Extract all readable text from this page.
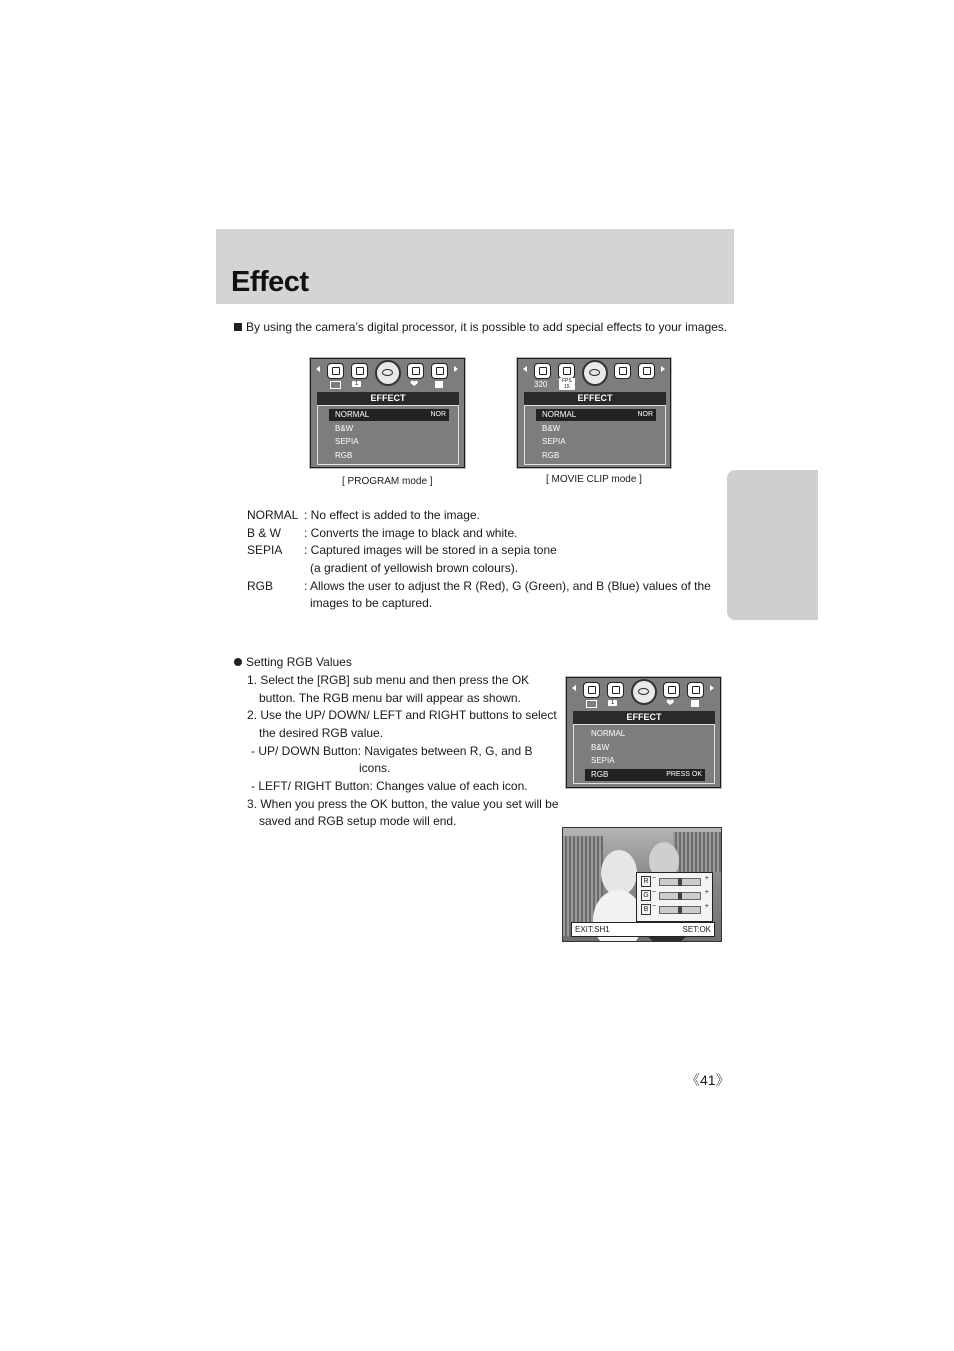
Effect
By using the camera’s digital processor, it is possible to add special effects to your images.
1	❤
EFFECT
NORMAL	NOR
B&W
SEPIA
RGB
[ PROGRAM mode ]
320	FPS
15
EFFECT
NORMAL	NOR
B&W
SEPIA
RGB
[ MOVIE CLIP mode ]
NORMAL : No effect is added to the image.
B & W : Converts the image to black and white.
SEPIA : Captured images will be stored in a sepia tone
(a gradient of yellowish brown colours).
RGB	: Allows the user to adjust the R (Red), G (Green), and B (Blue) values of the
images to be captured.
Setting RGB Values
1. Select the [RGB] sub menu and then press the OK
button. The RGB menu bar will appear as shown.
2. Use the UP/ DOWN/ LEFT and RIGHT buttons to select
the desired RGB value.
- UP/ DOWN Button: Navigates between R, G, and B
icons.
- LEFT/ RIGHT Button: Changes value of each icon.
3. When you press the OK button, the value you set will be
saved and RGB setup mode will end.
1	❤
EFFECT
NORMAL
B&W
SEPIA
RGB	PRESS OK
R −	+
G −	+
B −	+
EXIT:SH1	SET:OK
《41》
